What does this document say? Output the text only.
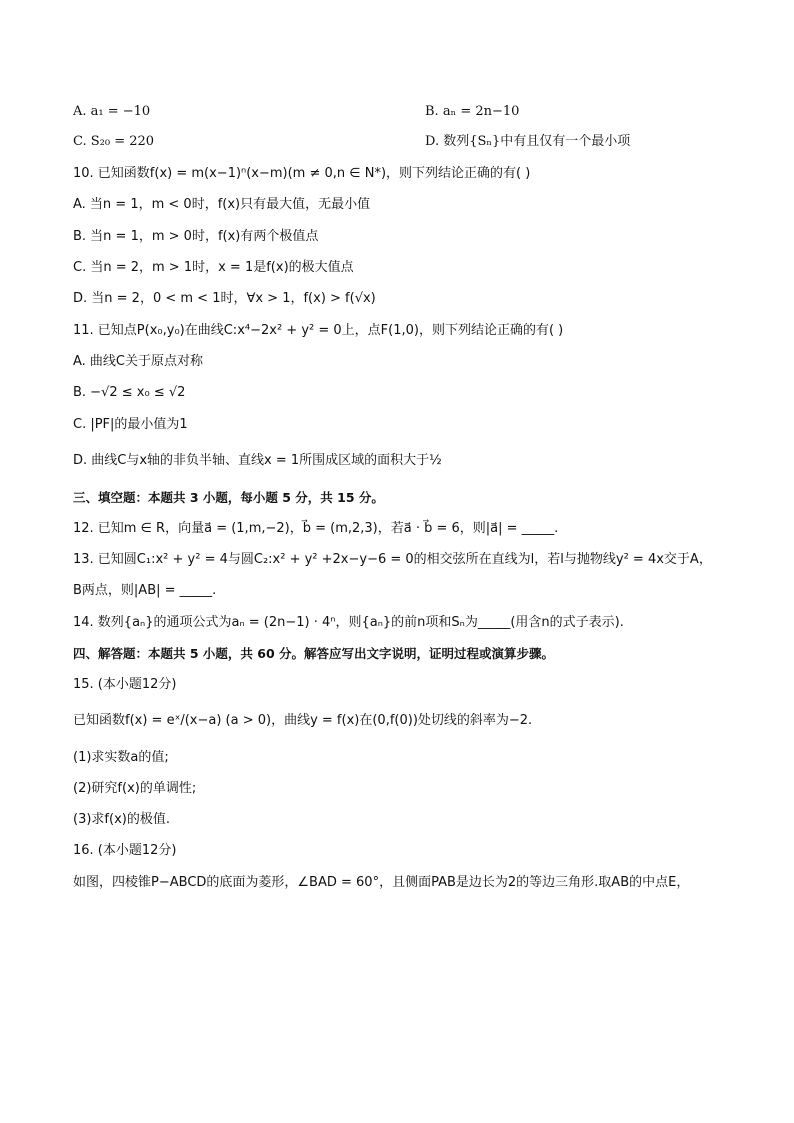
A. a₁ = −10	B. aₙ = 2n−10
C. S₂₀ = 220	D. 数列{Sₙ}中有且仅有一个最小项
10. 已知函数f(x) = m(x−1)ⁿ(x−m)(m ≠ 0,n ∈ N*)，则下列结论正确的有( )
A. 当n = 1，m < 0时，f(x)只有最大值，无最小值
B. 当n = 1，m > 0时，f(x)有两个极值点
C. 当n = 2，m > 1时，x = 1是f(x)的极大值点
D. 当n = 2，0 < m < 1时，∀x > 1，f(x) > f(√x)
11. 已知点P(x₀,y₀)在曲线C:x⁴−2x² + y² = 0上，点F(1,0)，则下列结论正确的有( )
A. 曲线C关于原点对称
B. −√2 ≤ x₀ ≤ √2
C. |PF|的最小值为1
D. 曲线C与x轴的非负半轴、直线x = 1所围成区域的面积大于½
三、填空题：本题共 3 小题，每小题 5 分，共 15 分。
12. 已知m ∈ R，向量a⃗ = (1,m,−2)，b⃗ = (m,2,3)，若a⃗ · b⃗ = 6，则|a⃗| = _____.
13. 已知圆C₁:x² + y² = 4与圆C₂:x² + y² +2x−y−6 = 0的相交弦所在直线为l，若l与抛物线y² = 4x交于A，
B两点，则|AB| = _____.
14. 数列{aₙ}的通项公式为aₙ = (2n−1) · 4ⁿ，则{aₙ}的前n项和Sₙ为_____(用含n的式子表示).
四、解答题：本题共 5 小题，共 60 分。解答应写出文字说明，证明过程或演算步骤。
15. (本小题12分)
已知函数f(x) = eˣ/(x−a) (a > 0)，曲线y = f(x)在(0,f(0))处切线的斜率为−2.
(1)求实数a的值;
(2)研究f(x)的单调性;
(3)求f(x)的极值.
16. (本小题12分)
如图，四棱锥P−ABCD的底面为菱形，∠BAD = 60°，且侧面PAB是边长为2的等边三角形.取AB的中点E，
